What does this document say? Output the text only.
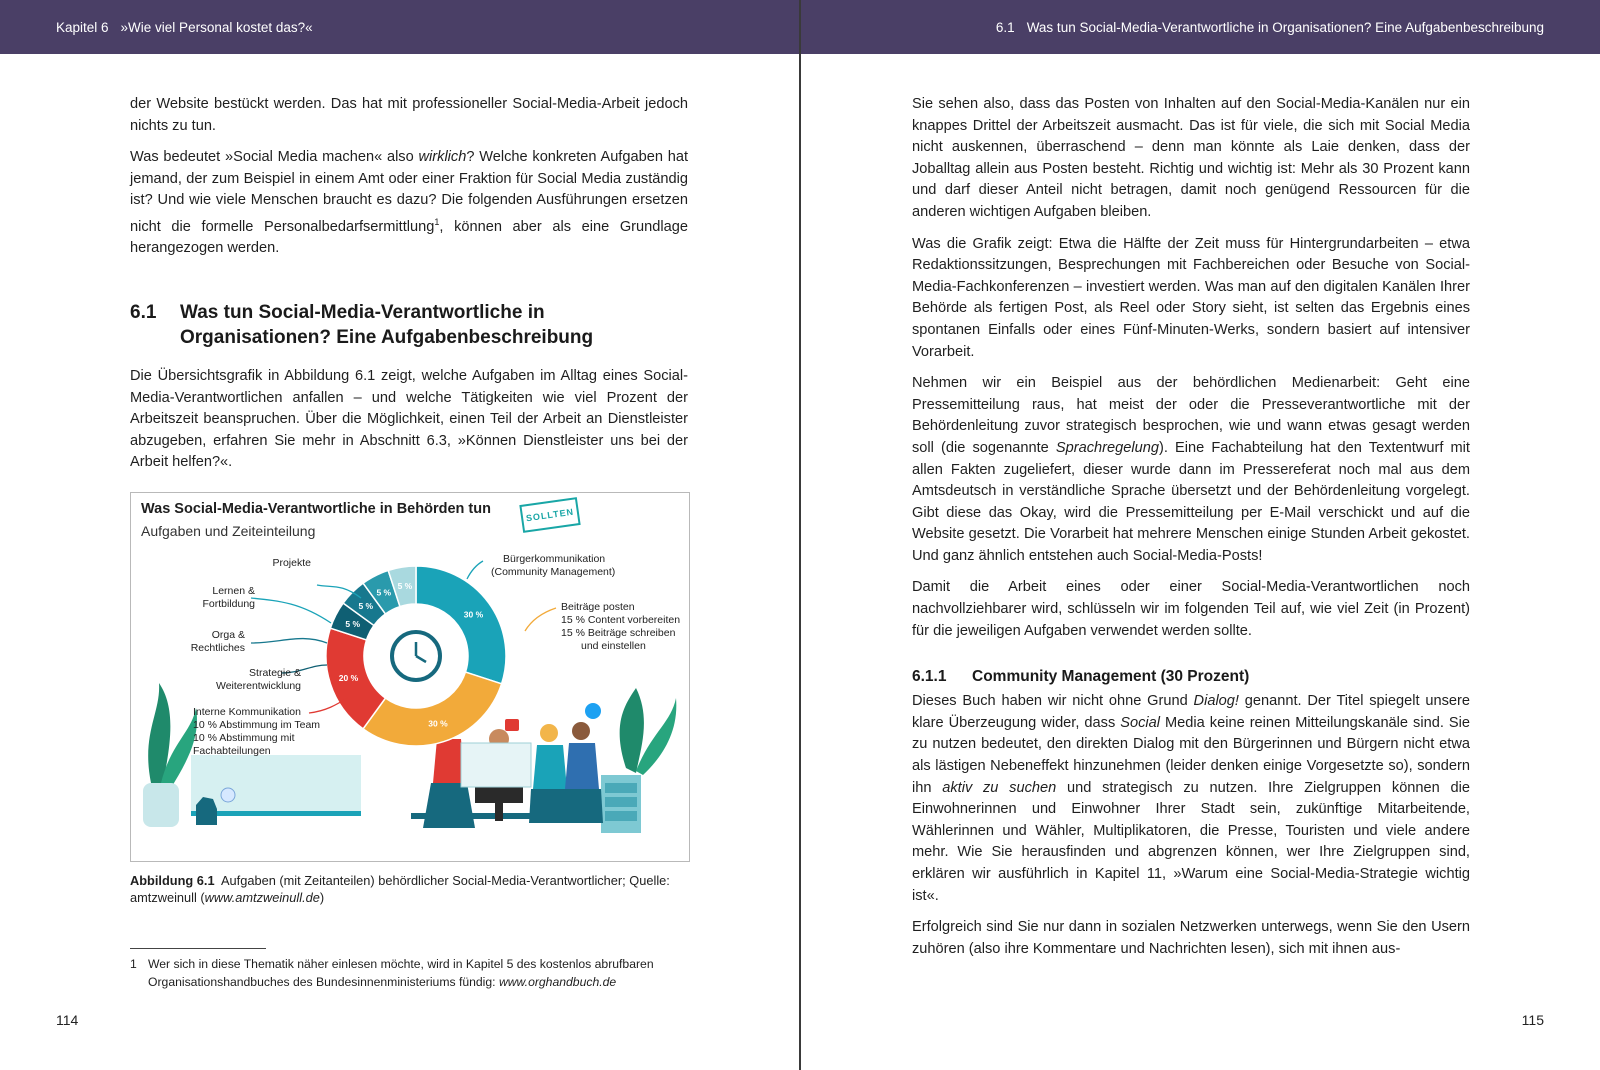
Kapitel 6 »Wie viel Personal kostet das?«

der Website bestückt werden. Das hat mit professioneller Social-Media-Arbeit jedoch nichts zu tun.

Was bedeutet »Social Media machen« also wirklich? Welche konkreten Aufgaben hat jemand, der zum Beispiel in einem Amt oder einer Fraktion für Social Media zuständig ist? Und wie viele Menschen braucht es dazu? Die folgenden Ausführungen ersetzen nicht die formelle Personalbedarfsermittlung$^1$, können aber als eine Grundlage herangezogen werden.

6.1	Was tun Social-Media-Verantwortliche in Organisationen? Eine Aufgabenbeschreibung

Die Übersichtsgrafik in Abbildung 6.1 zeigt, welche Aufgaben im Alltag eines Social-Media-Verantwortlichen anfallen – und welche Tätigkeiten wie viel Prozent der Arbeitszeit beanspruchen. Über die Möglichkeit, einen Teil der Arbeit an Dienstleister abzugeben, erfahren Sie mehr in Abschnitt 6.3, »Können Dienstleister uns bei der Arbeit helfen?«.

30 %
30 %
20 %
5 %
5 %
5 %
5 %
Was Social-Media-Verantwortliche in Behörden tun
Aufgaben und Zeiteinteilung
SOLLTEN
Projekte
Lernen &
Fortbildung
Orga &
Rechtliches
Strategie &
Weiterentwicklung
Interne Kommunikation
10 % Abstimmung im Team
10 % Abstimmung mit Fachabteilungen
Bürgerkommunikation
(Community Management)
Beiträge posten
15 % Content vorbereiten
15 % Beiträge schreiben
und einstellen
Abbildung 6.1 Aufgaben (mit Zeitanteilen) behördlicher Social-Media-Verantwortlicher; Quelle: amtzweinull (www.amtzweinull.de)
1 Wer sich in diese Thematik näher einlesen möchte, wird in Kapitel 5 des kostenlos abrufbaren Organisationshandbuches des Bundesinnenministeriums fündig: www.orghandbuch.de
114
6.1 Was tun Social-Media-Verantwortliche in Organisationen? Eine Aufgabenbeschreibung

Sie sehen also, dass das Posten von Inhalten auf den Social-Media-Kanälen nur ein knappes Drittel der Arbeitszeit ausmacht. Das ist für viele, die sich mit Social Media nicht auskennen, überraschend – denn man könnte als Laie denken, dass der Joballtag allein aus Posten besteht. Richtig und wichtig ist: Mehr als 30 Prozent kann und darf dieser Anteil nicht betragen, damit noch genügend Ressourcen für die anderen wichtigen Aufgaben bleiben.

Was die Grafik zeigt: Etwa die Hälfte der Zeit muss für Hintergrundarbeiten – etwa Redaktionssitzungen, Besprechungen mit Fachbereichen oder Besuche von Social-Media-Fachkonferenzen – investiert werden. Was man auf den digitalen Kanälen Ihrer Behörde als fertigen Post, als Reel oder Story sieht, ist selten das Ergebnis eines spontanen Einfalls oder eines Fünf-Minuten-Werks, sondern basiert auf intensiver Vorarbeit.

Nehmen wir ein Beispiel aus der behördlichen Medienarbeit: Geht eine Pressemitteilung raus, hat meist der oder die Presseverantwortliche mit der Behördenleitung zuvor strategisch besprochen, wie und wann etwas gesagt werden soll (die sogenannte Sprachregelung). Eine Fachabteilung hat den Textentwurf mit allen Fakten zugeliefert, dieser wurde dann im Pressereferat noch mal aus dem Amtsdeutsch in verständliche Sprache übersetzt und der Behördenleitung vorgelegt. Gibt diese das Okay, wird die Pressemitteilung per E-Mail verschickt und auf die Website gesetzt. Die Vorarbeit hat mehrere Menschen einige Stunden Arbeit gekostet. Und ganz ähnlich entstehen auch Social-Media-Posts!

Damit die Arbeit eines oder einer Social-Media-Verantwortlichen noch nachvollziehbarer wird, schlüsseln wir im folgenden Teil auf, wie viel Zeit (in Prozent) für die jeweiligen Aufgaben verwendet werden sollte.

6.1.1	Community Management (30 Prozent)

Dieses Buch haben wir nicht ohne Grund Dialog! genannt. Der Titel spiegelt unsere klare Überzeugung wider, dass Social Media keine reinen Mitteilungskanäle sind. Sie zu nutzen bedeutet, den direkten Dialog mit den Bürgerinnen und Bürgern nicht etwa als lästigen Nebeneffekt hinzunehmen (leider denken einige Vorgesetzte so), sondern ihn aktiv zu suchen und strategisch zu nutzen. Ihre Zielgruppen können die Einwohnerinnen und Einwohner Ihrer Stadt sein, zukünftige Mitarbeitende, Wählerinnen und Wähler, Multiplikatoren, die Presse, Touristen und viele andere mehr. Wie Sie herausfinden und abgrenzen können, wer Ihre Zielgruppen sind, erklären wir ausführlich in Kapitel 11, »Warum eine Social-Media-Strategie wichtig ist«.

Erfolgreich sind Sie nur dann in sozialen Netzwerken unterwegs, wenn Sie den Usern zuhören (also ihre Kommentare und Nachrichten lesen), sich mit ihnen aus-

115
